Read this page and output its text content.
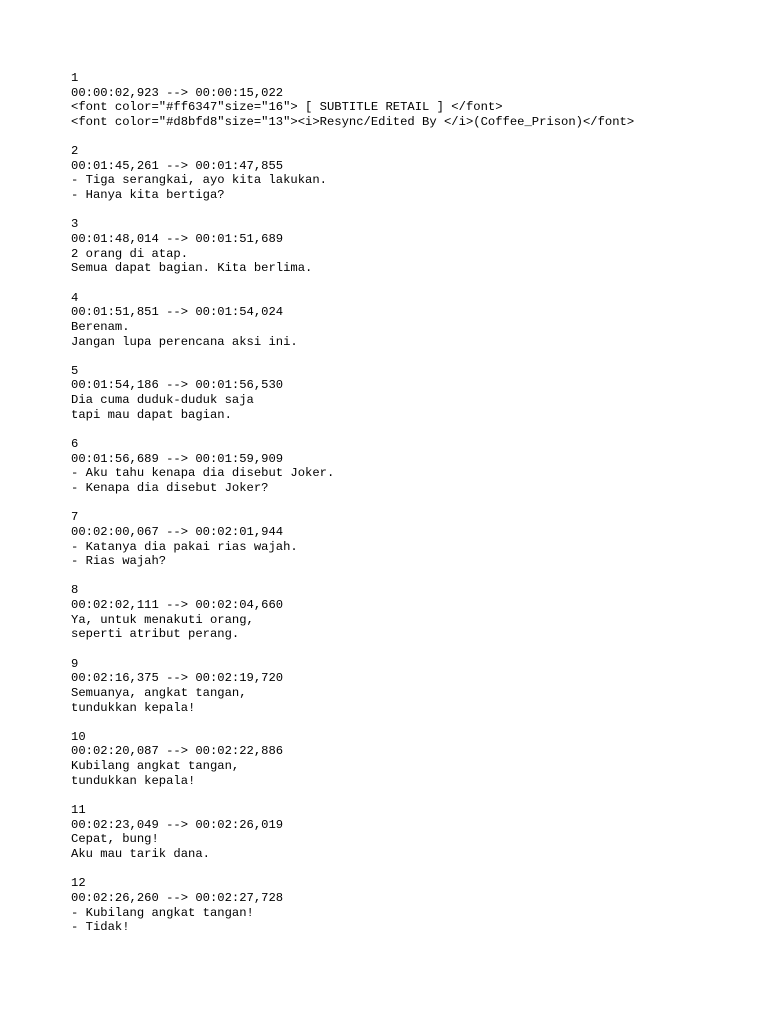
1
00:00:02,923 --> 00:00:15,022
<font color="#ff6347"size="16"> [ SUBTITLE RETAIL ] </font>
<font color="#d8bfd8"size="13"><i>Resync/Edited By </i>(Coffee_Prison)</font>
2
00:01:45,261 --> 00:01:47,855
- Tiga serangkai, ayo kita lakukan.
- Hanya kita bertiga?
3
00:01:48,014 --> 00:01:51,689
2 orang di atap.
Semua dapat bagian. Kita berlima.
4
00:01:51,851 --> 00:01:54,024
Berenam.
Jangan lupa perencana aksi ini.
5
00:01:54,186 --> 00:01:56,530
Dia cuma duduk-duduk saja
tapi mau dapat bagian.
6
00:01:56,689 --> 00:01:59,909
- Aku tahu kenapa dia disebut Joker.
- Kenapa dia disebut Joker?
7
00:02:00,067 --> 00:02:01,944
- Katanya dia pakai rias wajah.
- Rias wajah?
8
00:02:02,111 --> 00:02:04,660
Ya, untuk menakuti orang,
seperti atribut perang.
9
00:02:16,375 --> 00:02:19,720
Semuanya, angkat tangan,
tundukkan kepala!
10
00:02:20,087 --> 00:02:22,886
Kubilang angkat tangan,
tundukkan kepala!
11
00:02:23,049 --> 00:02:26,019
Cepat, bung!
Aku mau tarik dana.
12
00:02:26,260 --> 00:02:27,728
- Kubilang angkat tangan!
- Tidak!
